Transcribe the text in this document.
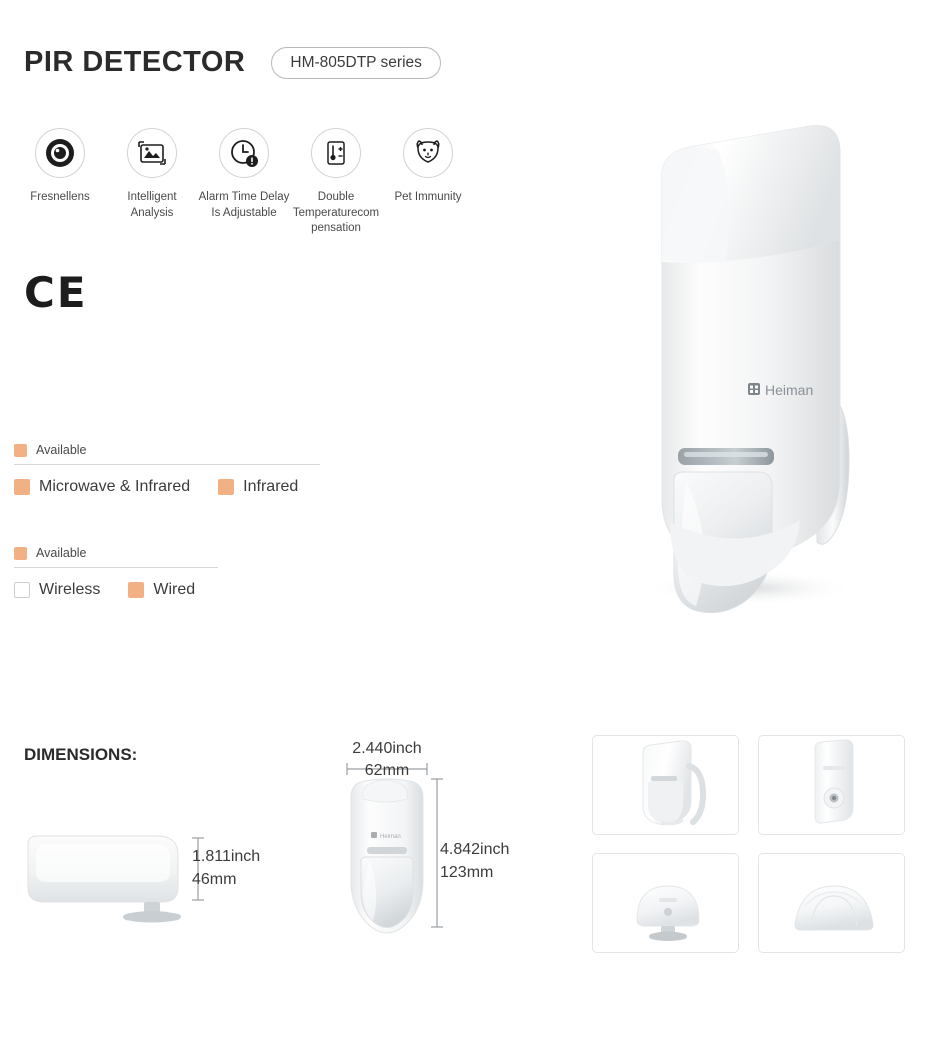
PIR DETECTOR	HM-805DTP series
Fresnellens	Intelligent Analysis
Alarm Time Delay Is Adjustable
Double Temperaturecom pensation
Pet Immunity
CE
Available
Microwave & Infrared	Infrared
Available
Wireless	Wired
Heiman
DIMENSIONS:
1.811inch
46mm
Heiman
2.440inch
62mm
4.842inch
123mm
